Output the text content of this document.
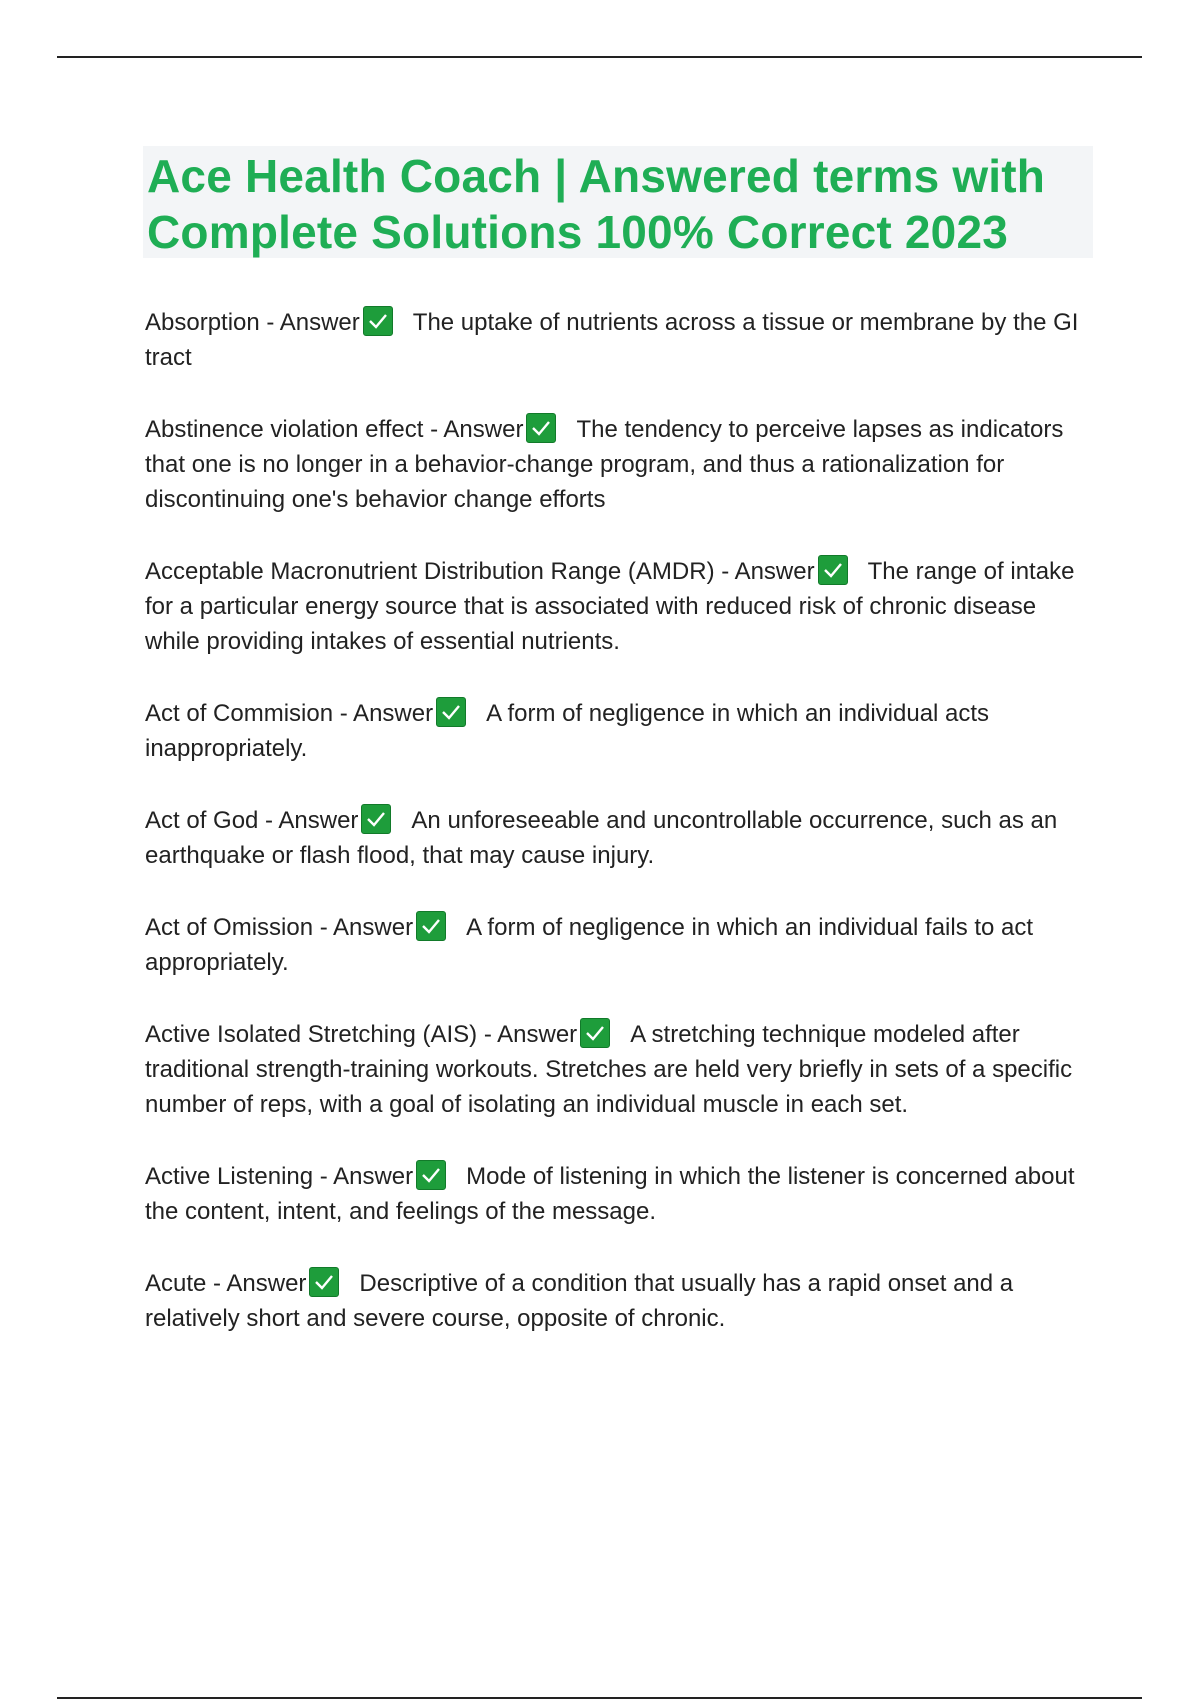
Ace Health Coach | Answered terms with Complete Solutions 100% Correct 2023

Absorption - Answer The uptake of nutrients across a tissue or membrane by the GI tract

Abstinence violation effect - Answer The tendency to perceive lapses as indicators that one is no longer in a behavior-change program, and thus a rationalization for discontinuing one's behavior change efforts

Acceptable Macronutrient Distribution Range (AMDR) - Answer The range of intake for a particular energy source that is associated with reduced risk of chronic disease while providing intakes of essential nutrients.

Act of Commision - Answer A form of negligence in which an individual acts inappropriately.

Act of God - Answer An unforeseeable and uncontrollable occurrence, such as an earthquake or flash flood, that may cause injury.

Act of Omission - Answer A form of negligence in which an individual fails to act appropriately.

Active Isolated Stretching (AIS) - Answer A stretching technique modeled after traditional strength-training workouts. Stretches are held very briefly in sets of a specific number of reps, with a goal of isolating an individual muscle in each set.

Active Listening - Answer Mode of listening in which the listener is concerned about the content, intent, and feelings of the message.

Acute - Answer Descriptive of a condition that usually has a rapid onset and a relatively short and severe course, opposite of chronic.
